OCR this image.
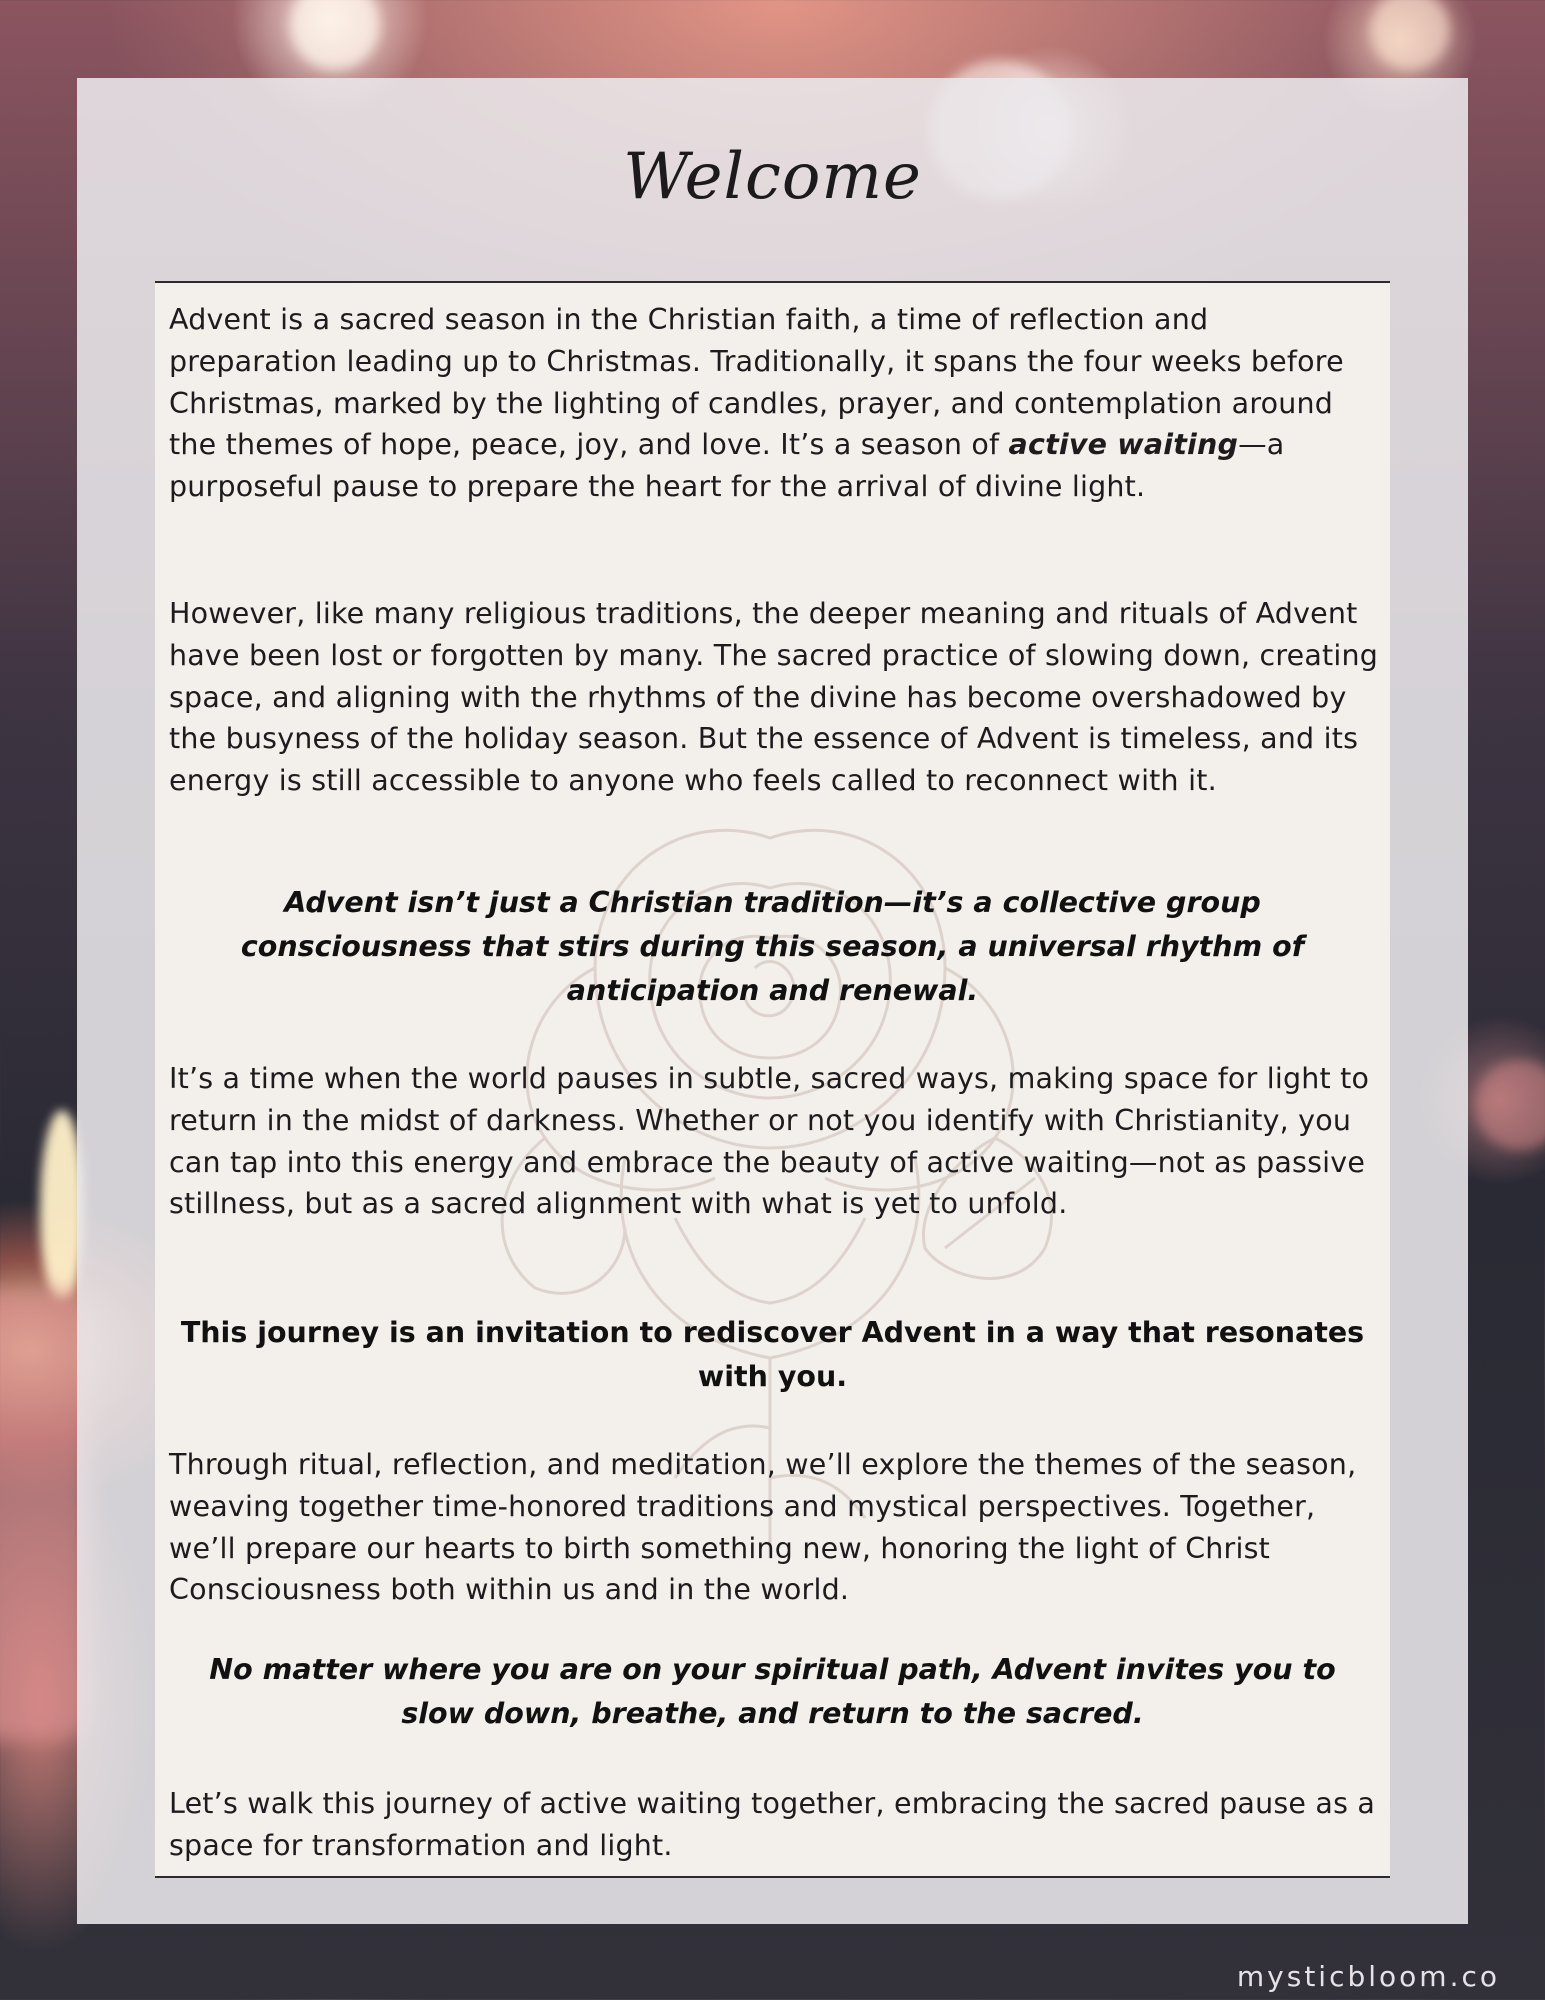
Welcome

Advent is a sacred season in the Christian faith, a time of reflection and preparation leading up to Christmas. Traditionally, it spans the four weeks before Christmas, marked by the lighting of candles, prayer, and contemplation around the themes of hope, peace, joy, and love. It’s a season of active waiting—a purposeful pause to prepare the heart for the arrival of divine light.

However, like many religious traditions, the deeper meaning and rituals of Advent have been lost or forgotten by many. The sacred practice of slowing down, creating space, and aligning with the rhythms of the divine has become overshadowed by the busyness of the holiday season. But the essence of Advent is timeless, and its energy is still accessible to anyone who feels called to reconnect with it.

Advent isn’t just a Christian tradition—it’s a collective group consciousness that stirs during this season, a universal rhythm of anticipation and renewal.

It’s a time when the world pauses in subtle, sacred ways, making space for light to return in the midst of darkness. Whether or not you identify with Christianity, you can tap into this energy and embrace the beauty of active waiting—not as passive stillness, but as a sacred alignment with what is yet to unfold.

This journey is an invitation to rediscover Advent in a way that resonates with you.

Through ritual, reflection, and meditation, we’ll explore the themes of the season, weaving together time-honored traditions and mystical perspectives. Together, we’ll prepare our hearts to birth something new, honoring the light of Christ Consciousness both within us and in the world.

No matter where you are on your spiritual path, Advent invites you to slow down, breathe, and return to the sacred.

Let’s walk this journey of active waiting together, embracing the sacred pause as a space for transformation and light.

mysticbloom.co
